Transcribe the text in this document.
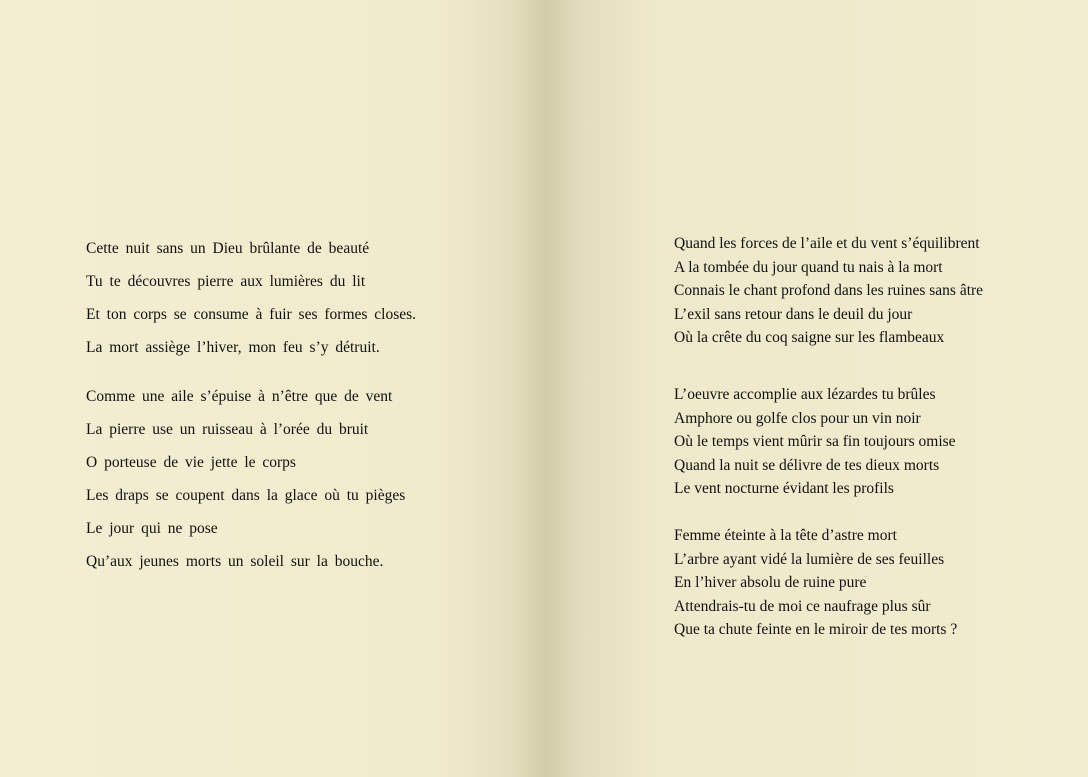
Cette nuit sans un Dieu brûlante de beauté
Tu te découvres pierre aux lumières du lit
Et ton corps se consume à fuir ses formes closes.
La mort assiège l’hiver, mon feu s’y détruit.
Comme une aile s’épuise à n’être que de vent
La pierre use un ruisseau à l’orée du bruit
O porteuse de vie jette le corps
Les draps se coupent dans la glace où tu pièges
Le jour qui ne pose
Qu’aux jeunes morts un soleil sur la bouche.
Quand les forces de l’aile et du vent s’équilibrent
A la tombée du jour quand tu nais à la mort
Connais le chant profond dans les ruines sans âtre
L’exil sans retour dans le deuil du jour
Où la crête du coq saigne sur les flambeaux
L’oeuvre accomplie aux lézardes tu brûles
Amphore ou golfe clos pour un vin noir
Où le temps vient mûrir sa fin toujours omise
Quand la nuit se délivre de tes dieux morts
Le vent nocturne évidant les profils
Femme éteinte à la tête d’astre mort
L’arbre ayant vidé la lumière de ses feuilles
En l’hiver absolu de ruine pure
Attendrais-tu de moi ce naufrage plus sûr
Que ta chute feinte en le miroir de tes morts ?
